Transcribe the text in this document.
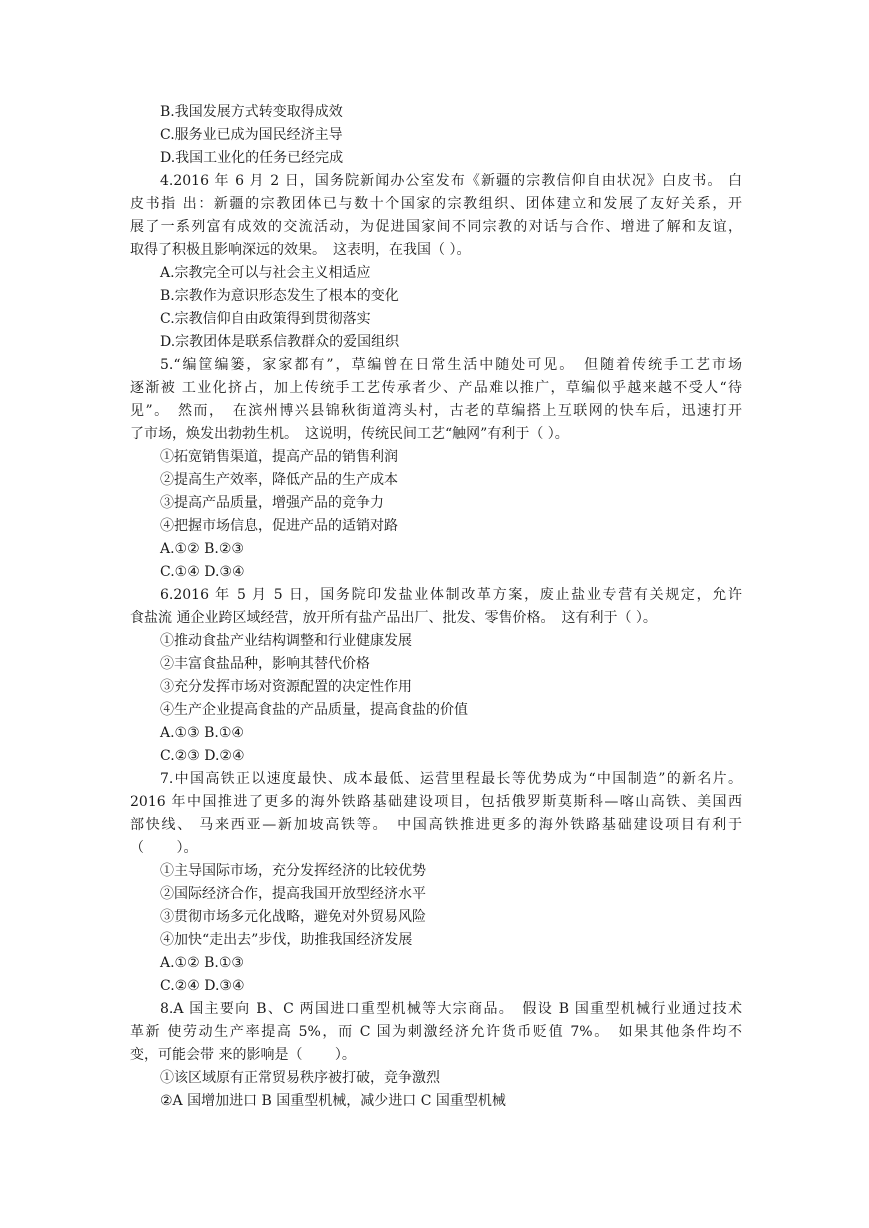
B.我国发展方式转变取得成效
C.服务业已成为国民经济主导
D.我国工业化的任务已经完成
4.2016 年 6 月 2 日，国务院新闻办公室发布《新疆的宗教信仰自由状况》白皮书。 白
皮书指 出：新疆的宗教团体已与数十个国家的宗教组织、团体建立和发展了友好关系，开
展了一系列富有成效的交流活动，为促进国家间不同宗教的对话与合作、增进了解和友谊，
取得了积极且影响深远的效果。　这表明，在我国（ ）。
A.宗教完全可以与社会主义相适应
B.宗教作为意识形态发生了根本的变化
C.宗教信仰自由政策得到贯彻落实
D.宗教团体是联系信教群众的爱国组织
5.“编筐编篓，家家都有”，草编曾在日常生活中随处可见。　但随着传统手工艺市场
逐渐被 工业化挤占，加上传统手工艺传承者少、产品难以推广，草编似乎越来越不受人“待
见”。　然而，　在滨州博兴县锦秋街道湾头村，古老的草编搭上互联网的快车后，迅速打开
了市场，焕发出勃勃生机。　这说明，传统民间工艺“触网”有利于（ ）。
①拓宽销售渠道，提高产品的销售利润
②提高生产效率，降低产品的生产成本
③提高产品质量，增强产品的竞争力
④把握市场信息，促进产品的适销对路
A.①② B.②③
C.①④ D.③④
6.2016 年 5 月 5 日，国务院印发盐业体制改革方案，废止盐业专营有关规定，允许
食盐流 通企业跨区域经营，放开所有盐产品出厂、批发、零售价格。　这有利于（ ）。
①推动食盐产业结构调整和行业健康发展
②丰富食盐品种，影响其替代价格
③充分发挥市场对资源配置的决定性作用
④生产企业提高食盐的产品质量，提高食盐的价值
A.①③ B.①④
C.②③ D.②④
7.中国高铁正以速度最快、成本最低、运营里程最长等优势成为“中国制造”的新名片。
2016 年中国推进了更多的海外铁路基础建设项目，包括俄罗斯莫斯科—喀山高铁、美国西
部快线、 马来西亚—新加坡高铁等。　中国高铁推进更多的海外铁路基础建设项目有利于
（　　 ）。
①主导国际市场，充分发挥经济的比较优势
②国际经济合作，提高我国开放型经济水平
③贯彻市场多元化战略，避免对外贸易风险
④加快“走出去”步伐，助推我国经济发展
A.①② B.①③
C.②④ D.③④
8.A 国主要向 B、C 两国进口重型机械等大宗商品。　假设 B 国重型机械行业通过技术
革新 使劳动生产率提高 5%，而 C 国为刺激经济允许货币贬值 7%。　如果其他条件均不
变，可能会带 来的影响是（　　 ）。
①该区域原有正常贸易秩序被打破，竞争激烈
②A 国增加进口 B 国重型机械，减少进口 C 国重型机械
